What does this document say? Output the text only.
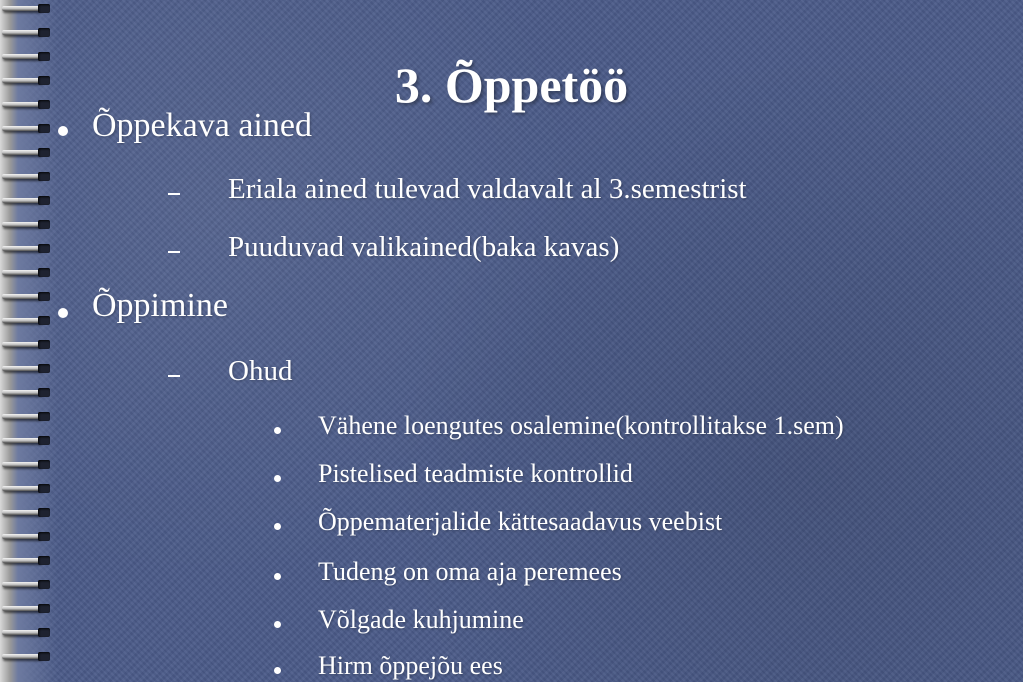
3. Õppetöö
Õppekava ained
Eriala ained tulevad valdavalt al 3.semestrist
Puuduvad valikained(baka kavas)
Õppimine
Ohud
Vähene loengutes osalemine(kontrollitakse 1.sem)
Pistelised teadmiste kontrollid
Õppematerjalide kättesaadavus veebist
Tudeng on oma aja peremees
Võlgade kuhjumine
Hirm õppejõu ees
